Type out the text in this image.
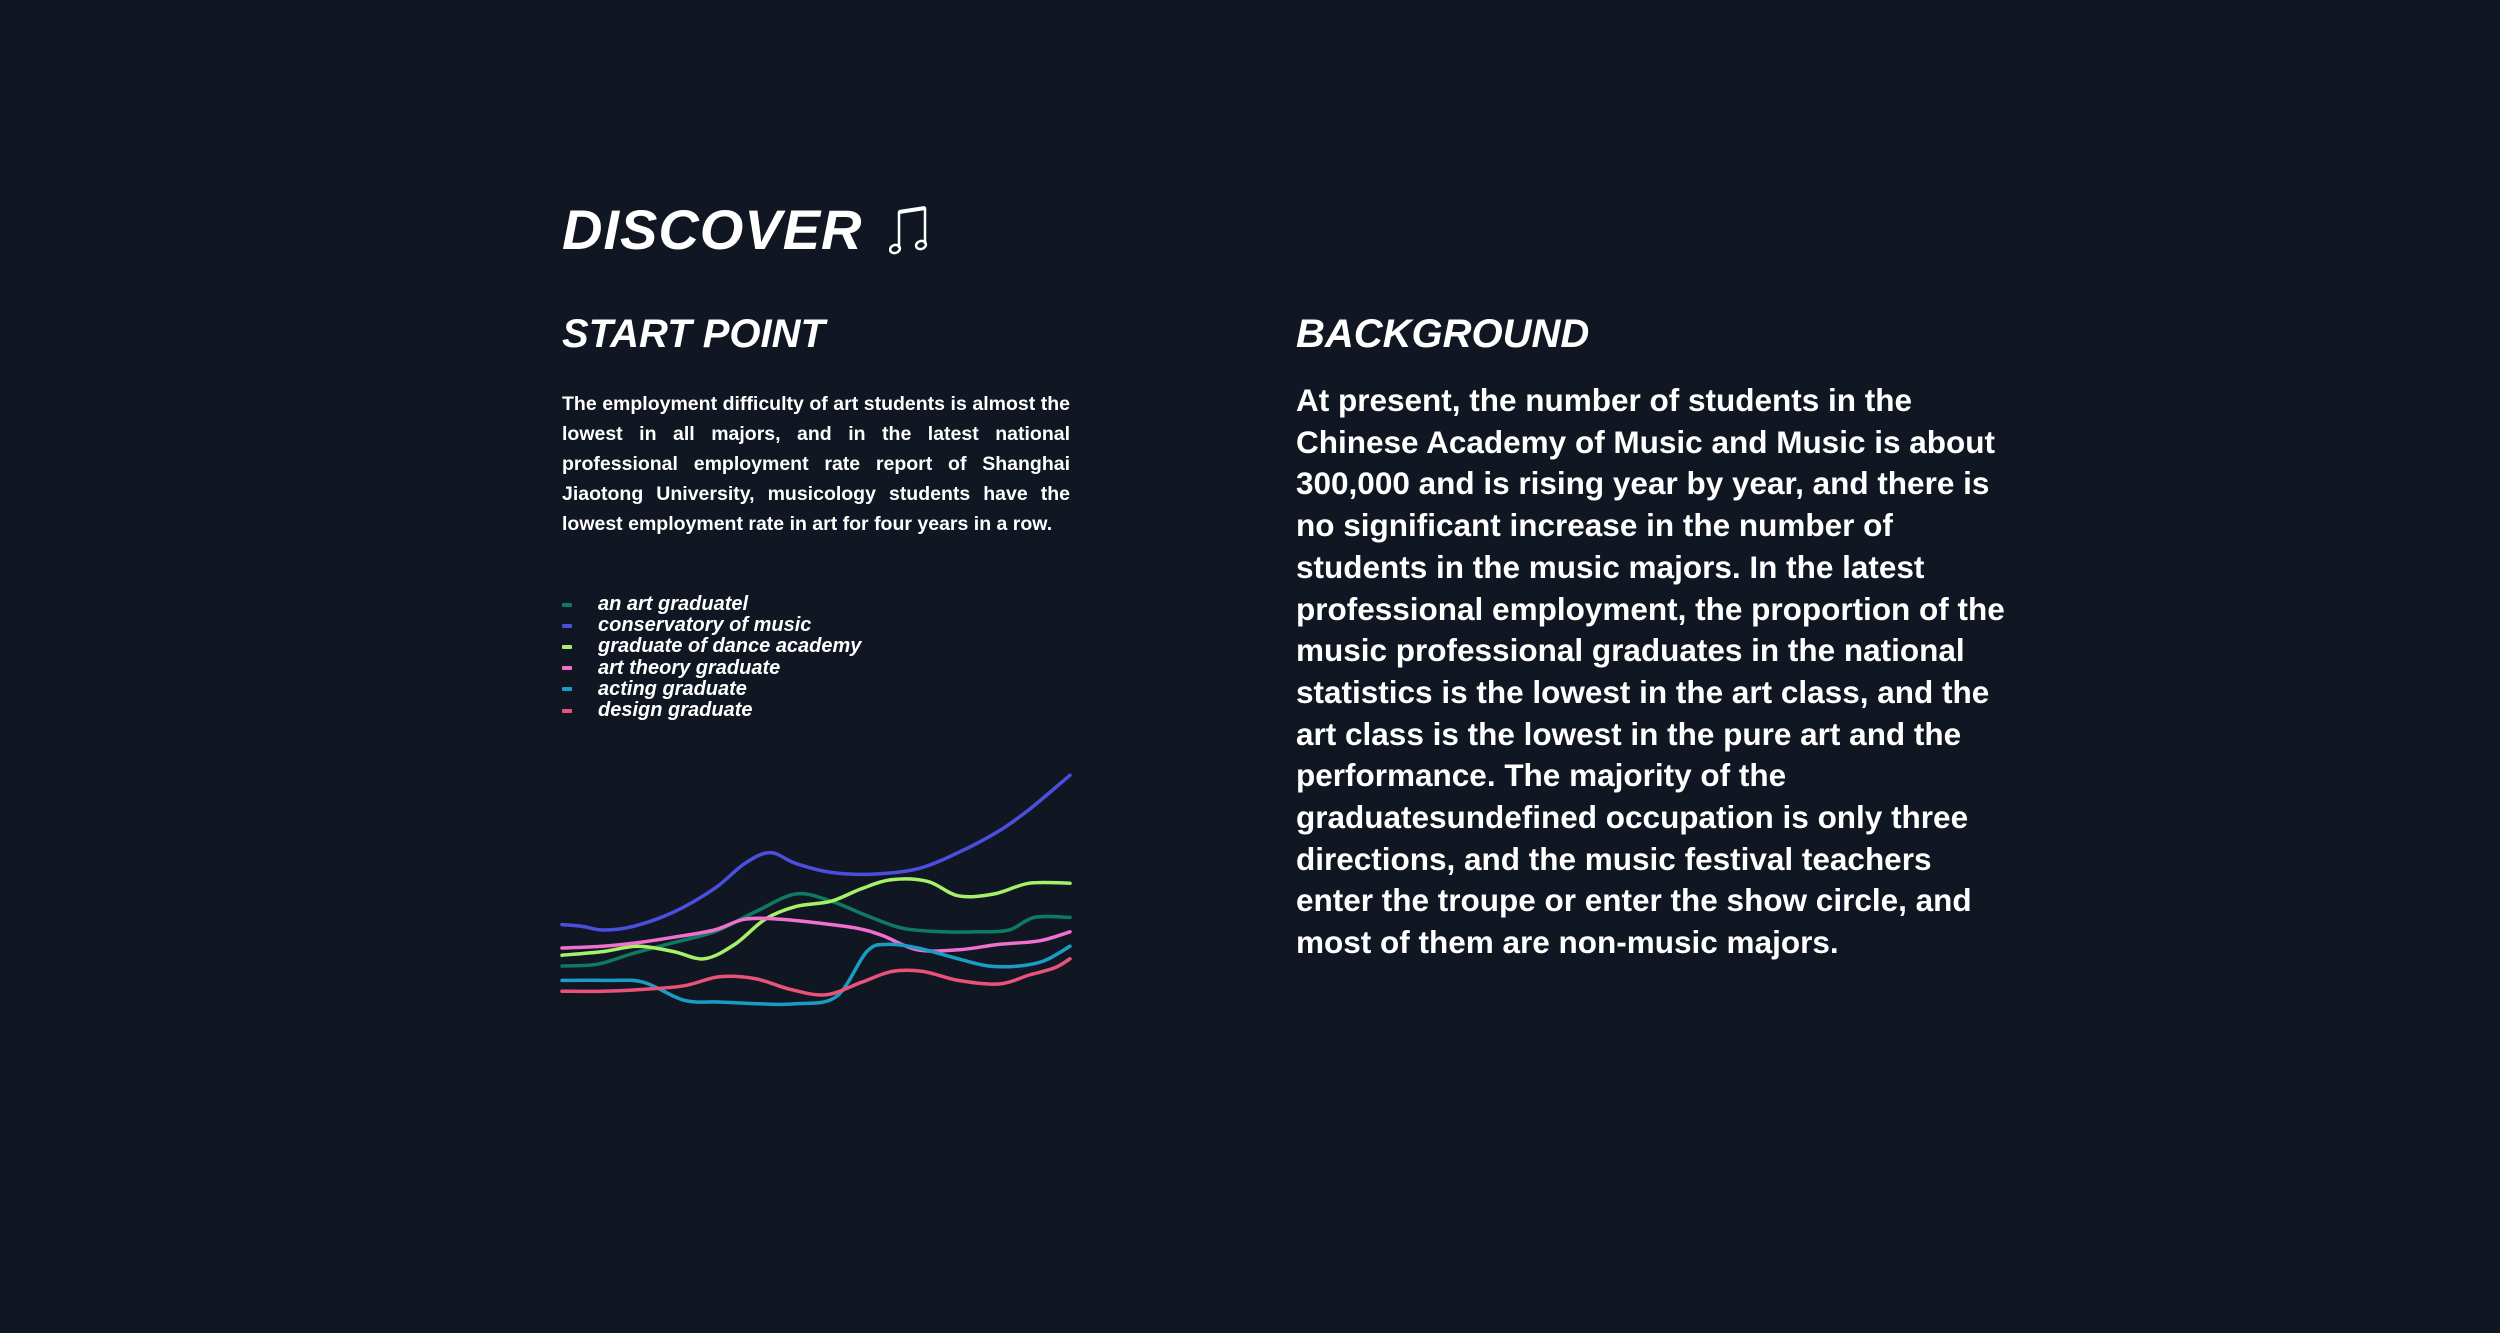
DISCOVER
START POINT

The employment difficulty of art students is almost the lowest in all majors, and in the latest national professional employment rate report of Shanghai Jiaotong University, musicology students have the lowest employment rate in art for four years in a row.

an art graduatel
conservatory of music
graduate of dance academy
art theory graduate
acting graduate
design graduate
BACKGROUND

At present, the number of students in the Chinese Academy of Music and Music is about 300,000 and is rising year by year, and there is no significant increase in the number of students in the music majors. In the latest professional employment, the proportion of the music professional graduates in the national statistics is the lowest in the art class, and the art class is the lowest in the pure art and the performance. The majority of the graduatesundefined occupation is only three directions, and the music festival teachers enter the troupe or enter the show circle, and most of them are non-music majors.
